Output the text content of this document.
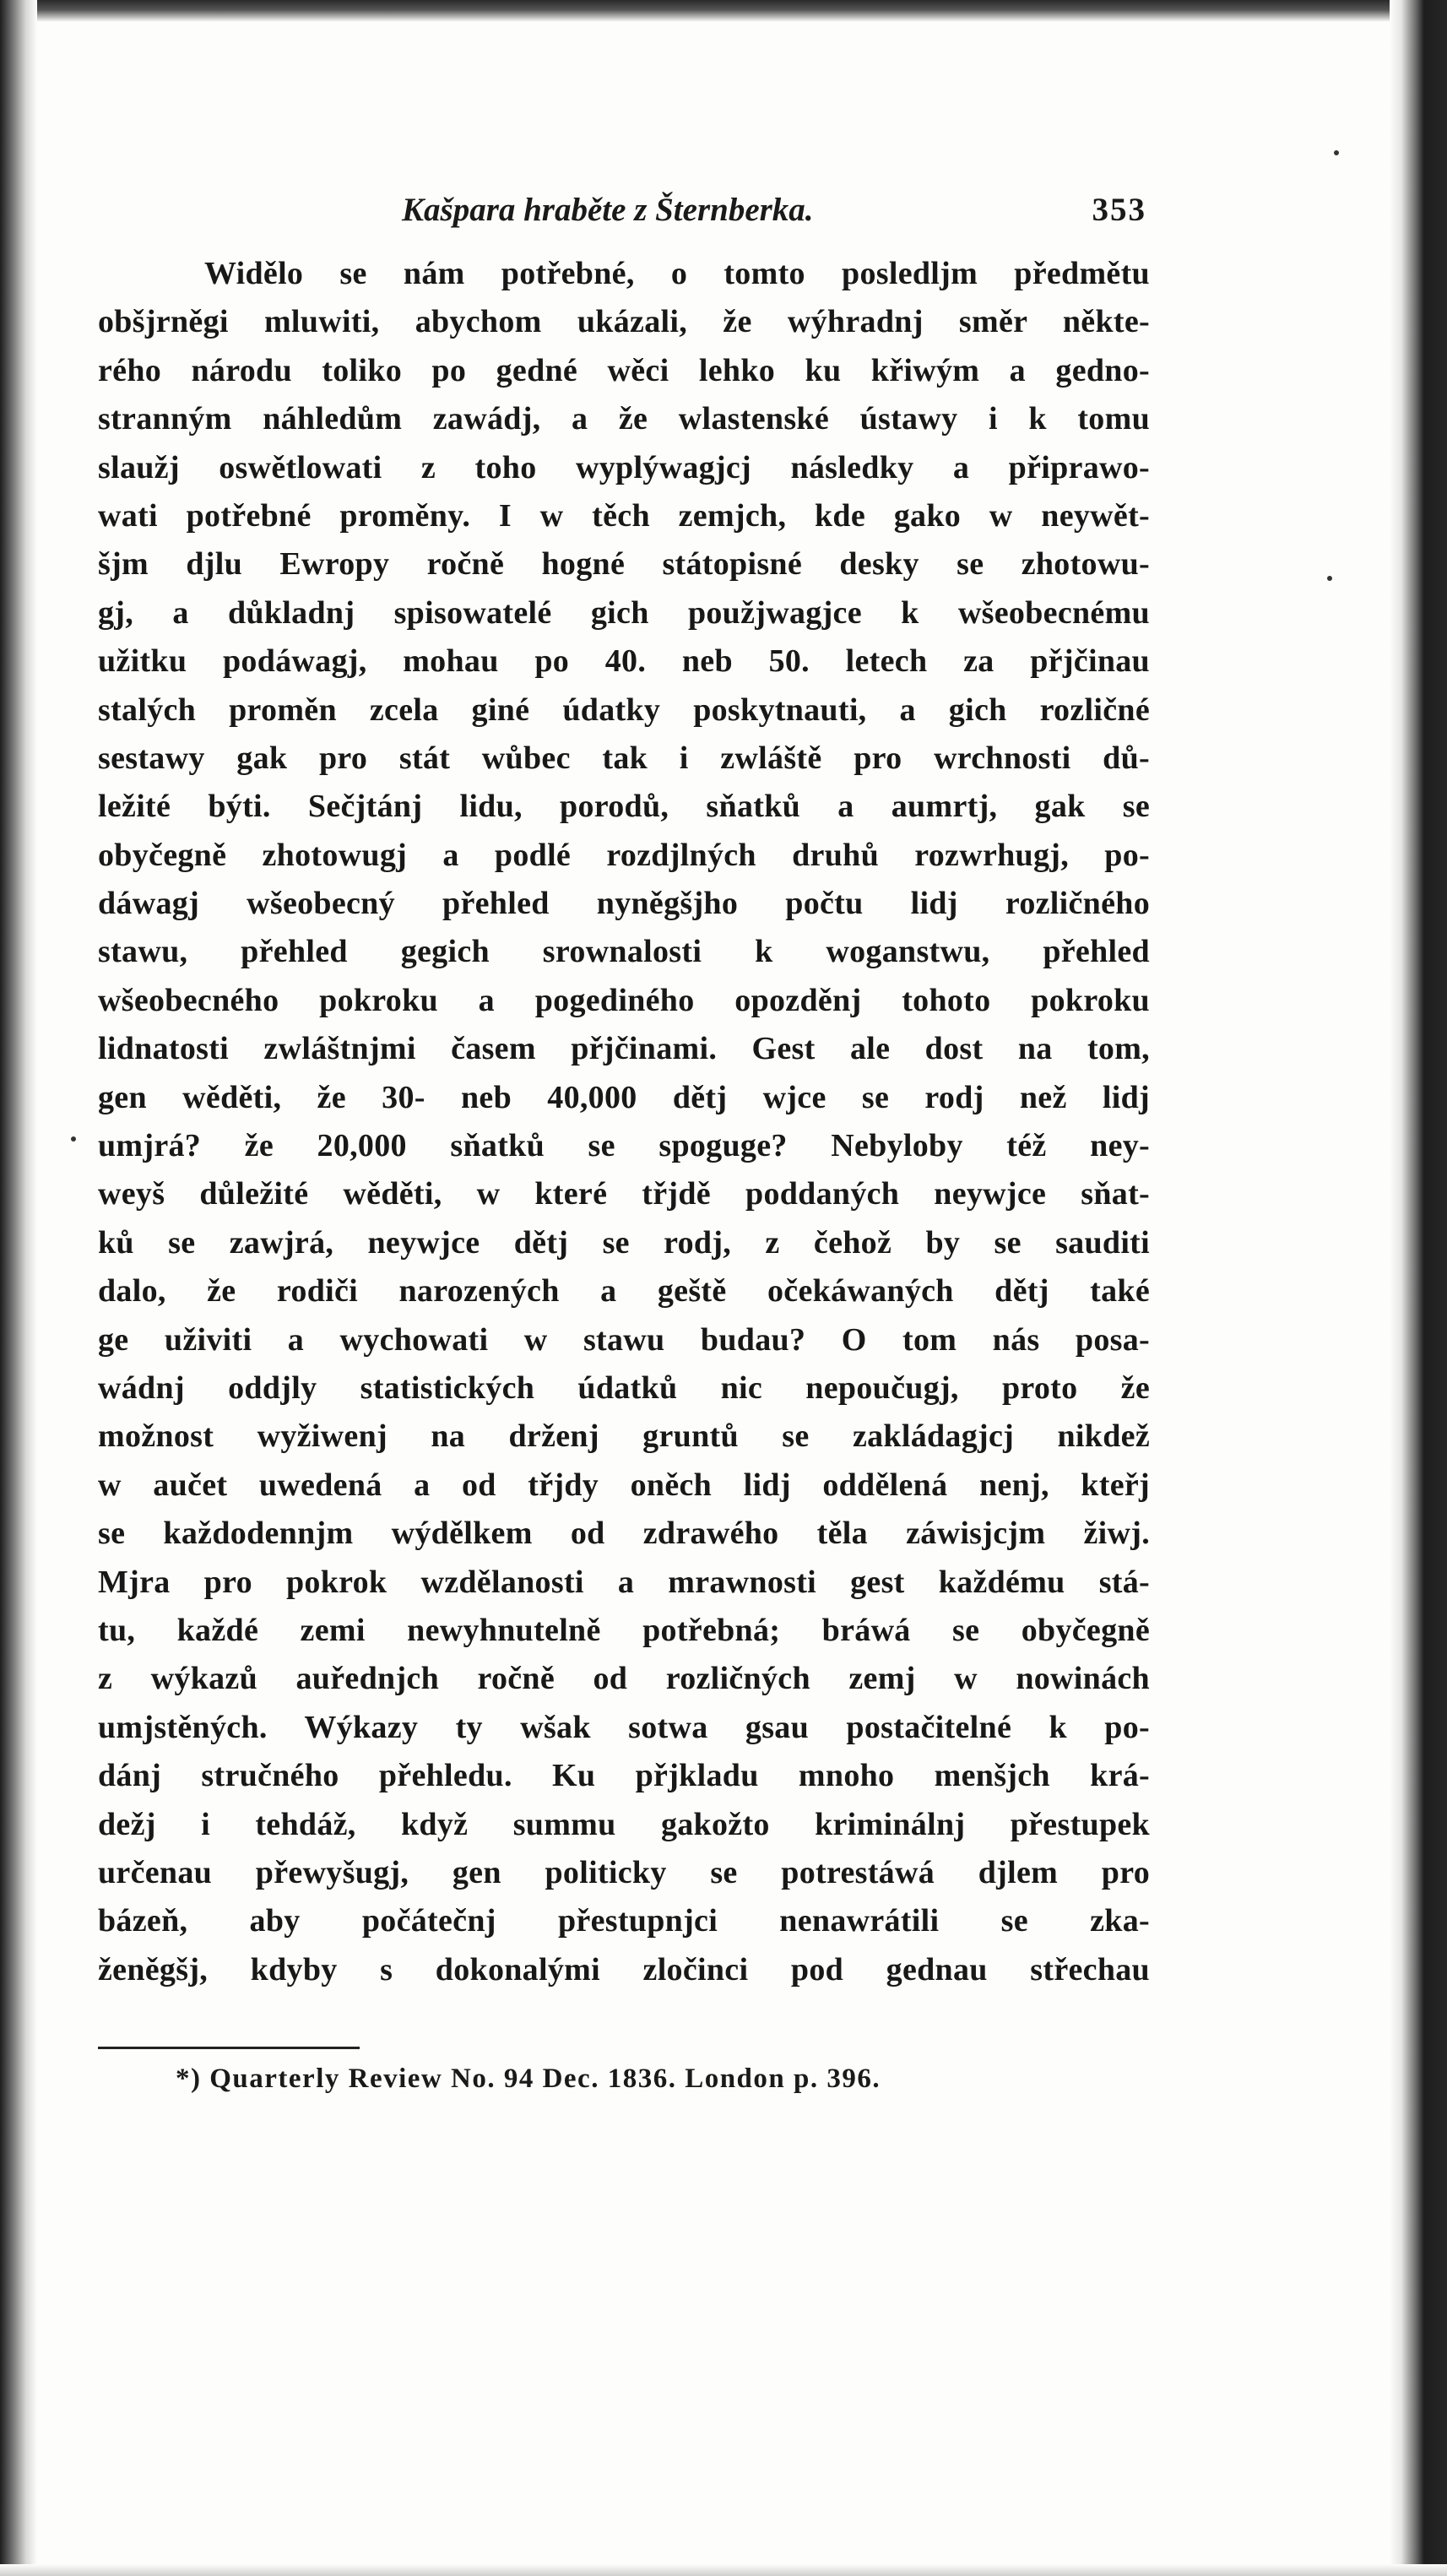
Kašpara hraběte z Šternberka.	353
Widělo se nám potřebné, o tomto posledljm předmětu
obšjrněgi mluwiti, abychom ukázali, že wýhradnj směr někte-
rého národu toliko po gedné wěci lehko ku křiwým a gedno-
stranným náhledům zawádj, a že wlastenské ústawy i k tomu
slaužj oswětlowati z toho wyplýwagjcj následky a připrawo-
wati potřebné proměny. I w těch zemjch, kde gako w neywět-
šjm djlu Ewropy ročně hogné státopisné desky se zhotowu-
gj, a důkladnj spisowatelé gich použjwagjce k wšeobecnému
užitku podáwagj, mohau po 40. neb 50. letech za přjčinau
stalých proměn zcela giné údatky poskytnauti, a gich rozličné
sestawy gak pro stát wůbec tak i zwláště pro wrchnosti dů-
ležité býti. Sečjtánj lidu, porodů, sňatků a aumrtj, gak se
obyčegně zhotowugj a podlé rozdjlných druhů rozwrhugj, po-
dáwagj wšeobecný přehled nyněgšjho počtu lidj rozličného
stawu, přehled gegich srownalosti k woganstwu, přehled
wšeobecného pokroku a pogediného opozděnj tohoto pokroku
lidnatosti zwláštnjmi časem přjčinami. Gest ale dost na tom,
gen wěděti, že 30- neb 40,000 dětj wjce se rodj než lidj
umjrá? že 20,000 sňatků se spoguge? Nebyloby též ney-
weyš důležité wěděti, w které třjdě poddaných neywjce sňat-
ků se zawjrá, neywjce dětj se rodj, z čehož by se sauditi
dalo, že rodiči narozených a geště očekáwaných dětj také
ge uživiti a wychowati w stawu budau? O tom nás posa-
wádnj oddjly statistických údatků nic nepoučugj, proto že
možnost wyžiwenj na drženj gruntů se zakládagjcj nikdež
w aučet uwedená a od třjdy oněch lidj oddělená nenj, kteřj
se každodennjm wýdělkem od zdrawého těla záwisjcjm žiwj.
Mjra pro pokrok wzdělanosti a mrawnosti gest každému stá-
tu, každé zemi newyhnutelně potřebná; bráwá se obyčegně
z wýkazů auřednjch ročně od rozličných zemj w nowinách
umjstěných. Wýkazy ty wšak sotwa gsau postačitelné k po-
dánj stručného přehledu. Ku přjkladu mnoho menšjch krá-
dežj i tehdáž, když summu gakožto kriminálnj přestupek
určenau přewyšugj, gen politicky se potrestáwá djlem pro
bázeň, aby počátečnj přestupnjci nenawrátili se zka-
ženěgšj, kdyby s dokonalými zločinci pod gednau střechau
*) Quarterly Review No. 94 Dec. 1836. London p. 396.
